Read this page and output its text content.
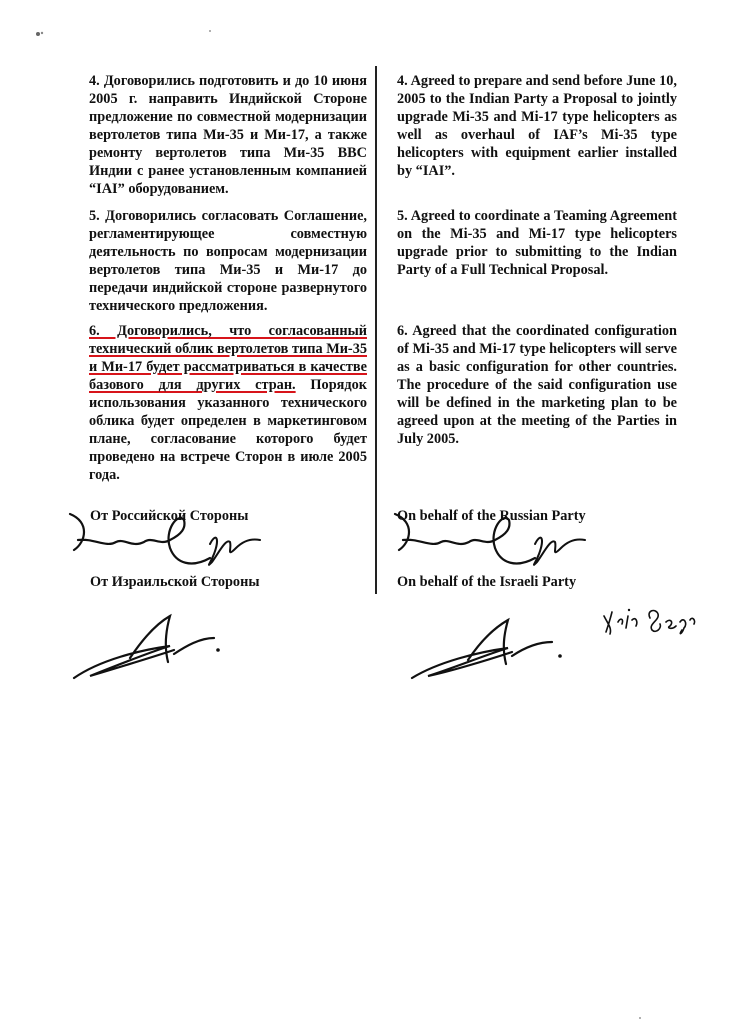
4. Договорились подготовить и до 10 июня 2005 г. направить Индийской Стороне предложение по совместной модернизации вертолетов типа Ми-35 и Ми-17, а также ремонту вертолетов типа Ми-35 ВВС Индии с ранее установленным компанией “IAI” оборудованием.

5. Договорились согласовать Соглашение, регламентирующее совместную деятельность по вопросам модернизации вертолетов типа Ми-35 и Ми-17 до передачи индийской стороне развернутого технического предложения.

6. Договорились, что согласованный технический облик вертолетов типа Ми-35 и Ми-17 будет рассматриваться в качестве базового для других стран. Порядок использования указанного технического облика будет определен в маркетинговом плане, согласование которого будет проведено на встрече Сторон в июле 2005 года.

4. Agreed to prepare and send before June 10, 2005 to the Indian Party a Proposal to jointly upgrade Mi-35 and Mi-17 type helicopters as well as overhaul of IAF’s Mi-35 type helicopters with equipment earlier installed by “IAI”.

5. Agreed to coordinate a Teaming Agreement on the Mi-35 and Mi-17 type helicopters upgrade prior to submitting to the Indian Party of a Full Technical Proposal.

6. Agreed that the coordinated configuration of Mi-35 and Mi-17 type helicopters will serve as a basic configuration for other countries. The procedure of the said configuration use will be defined in the marketing plan to be agreed upon at the meeting of the Parties in July 2005.

От Российской Стороны

От Израильской Стороны

On behalf of the Russian Party

On behalf of the Israeli Party
